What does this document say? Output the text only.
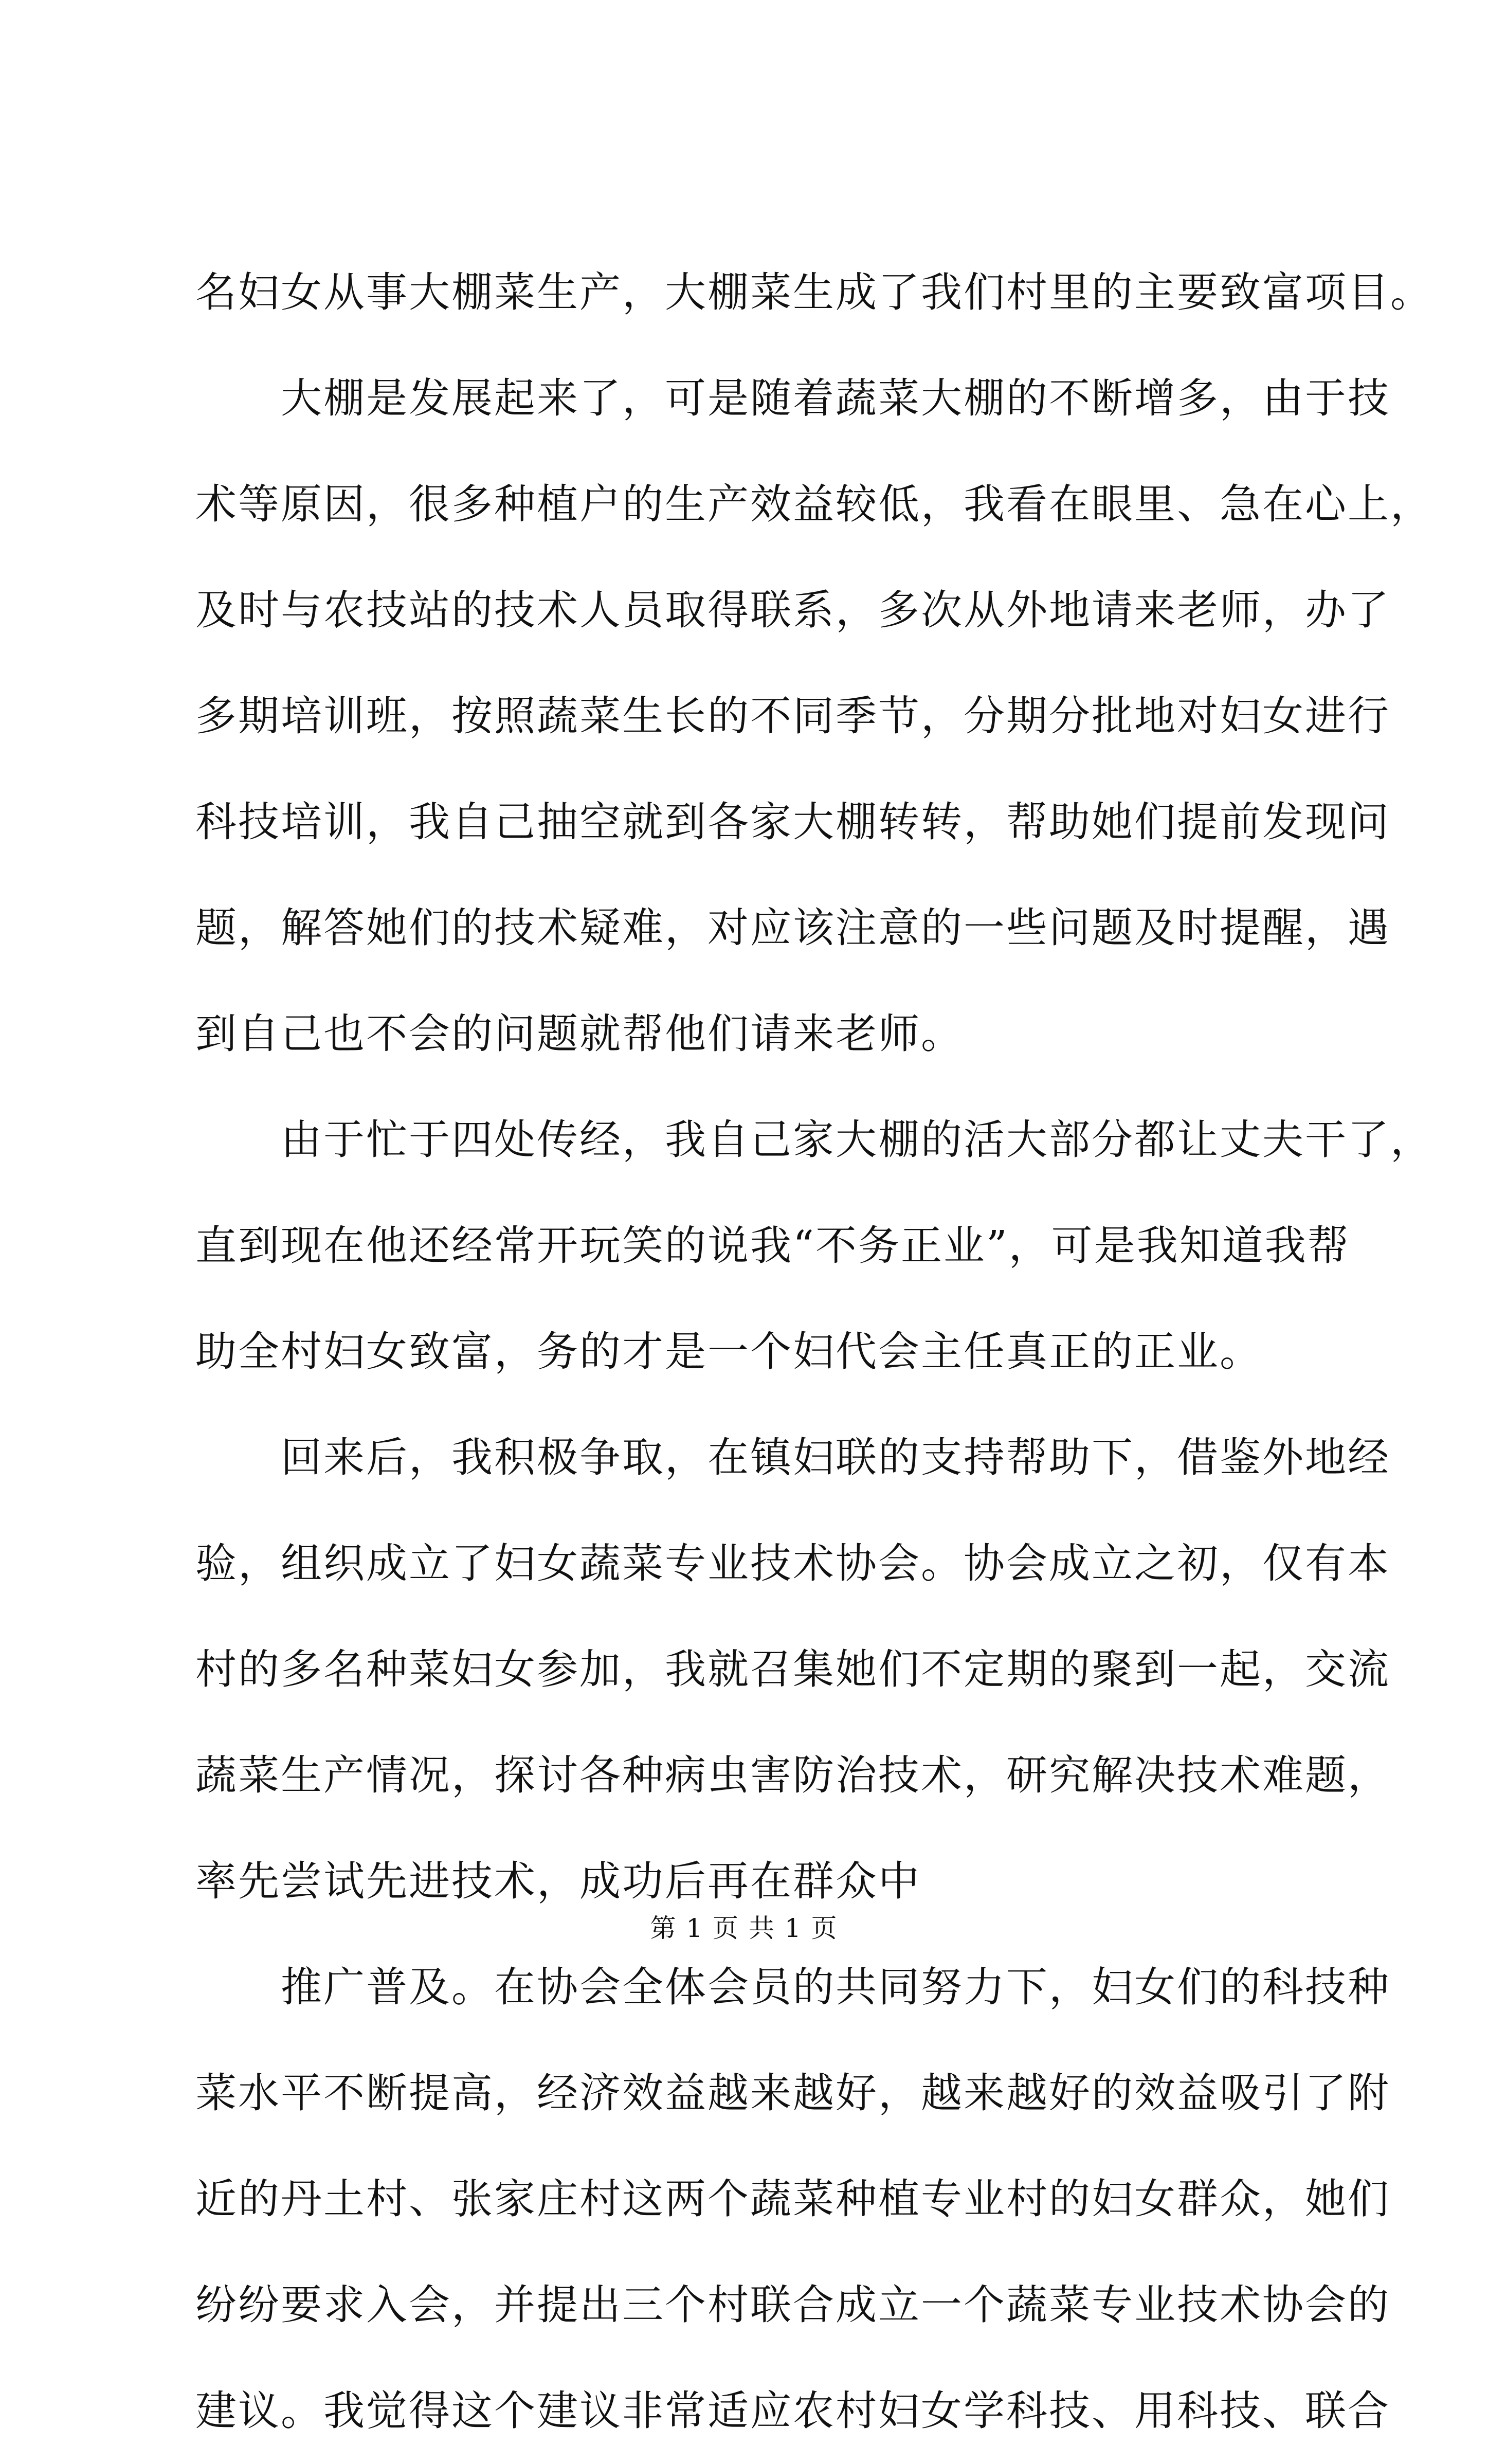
名妇女从事大棚菜生产，大棚菜生成了我们村里的主要致富项目。
大棚是发展起来了，可是随着蔬菜大棚的不断增多，由于技
术等原因，很多种植户的生产效益较低，我看在眼里、急在心上，
及时与农技站的技术人员取得联系，多次从外地请来老师，办了
多期培训班，按照蔬菜生长的不同季节，分期分批地对妇女进行
科技培训，我自己抽空就到各家大棚转转，帮助她们提前发现问
题，解答她们的技术疑难，对应该注意的一些问题及时提醒，遇
到自己也不会的问题就帮他们请来老师。
由于忙于四处传经，我自己家大棚的活大部分都让丈夫干了，
直到现在他还经常开玩笑的说我“不务正业”，可是我知道我帮
助全村妇女致富，务的才是一个妇代会主任真正的正业。
回来后，我积极争取，在镇妇联的支持帮助下，借鉴外地经
验，组织成立了妇女蔬菜专业技术协会。协会成立之初，仅有本
村的多名种菜妇女参加，我就召集她们不定期的聚到一起，交流
蔬菜生产情况，探讨各种病虫害防治技术，研究解决技术难题，
率先尝试先进技术，成功后再在群众中
推广普及。在协会全体会员的共同努力下，妇女们的科技种
菜水平不断提高，经济效益越来越好，越来越好的效益吸引了附
近的丹土村、张家庄村这两个蔬菜种植专业村的妇女群众，她们
纷纷要求入会，并提出三个村联合成立一个蔬菜专业技术协会的
建议。我觉得这个建议非常适应农村妇女学科技、用科技、联合
第 1 页 共 1 页
